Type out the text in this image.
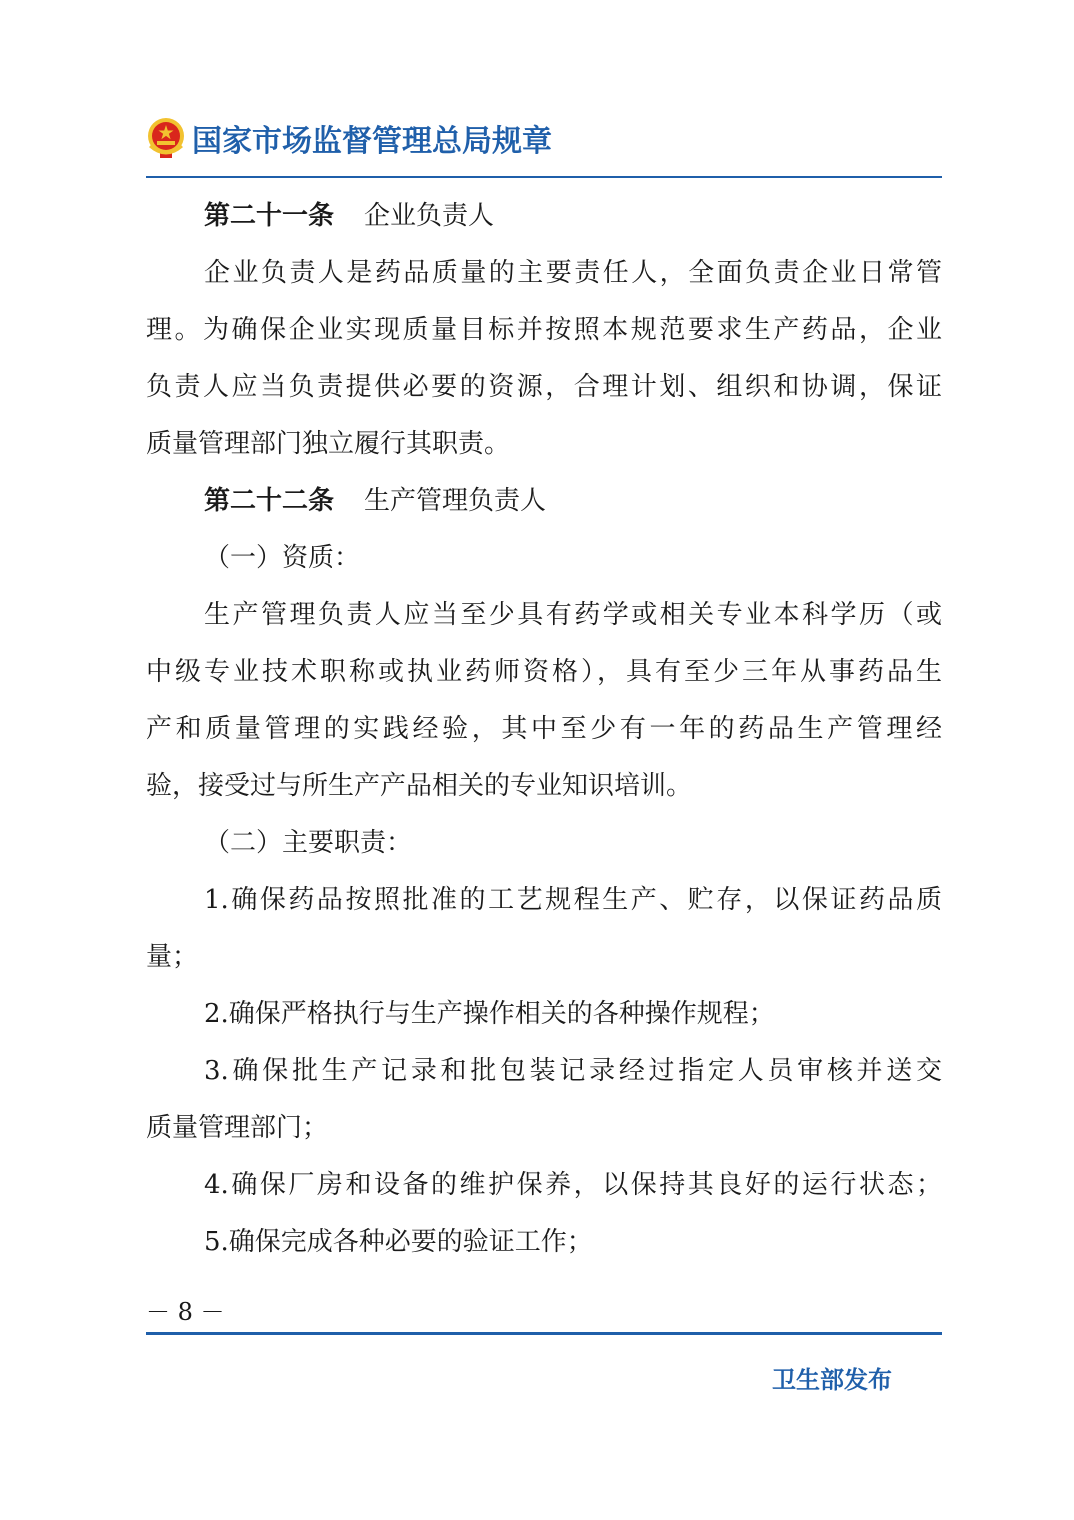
国家市场监督管理总局规章
第二十一条 企业负责人
企业负责人是药品质量的主要责任人，全面负责企业日常管
理。为确保企业实现质量目标并按照本规范要求生产药品，企业
负责人应当负责提供必要的资源，合理计划、组织和协调，保证
质量管理部门独立履行其职责。
第二十二条 生产管理负责人
（一）资质：
生产管理负责人应当至少具有药学或相关专业本科学历（或
中级专业技术职称或执业药师资格），具有至少三年从事药品生
产和质量管理的实践经验，其中至少有一年的药品生产管理经
验，接受过与所生产产品相关的专业知识培训。
（二）主要职责：
1.确保药品按照批准的工艺规程生产、贮存，以保证药品质
量；
2.确保严格执行与生产操作相关的各种操作规程；
3.确保批生产记录和批包装记录经过指定人员审核并送交
质量管理部门；
4.确保厂房和设备的维护保养，以保持其良好的运行状态；
5.确保完成各种必要的验证工作；
－ 8 －
卫生部发布
